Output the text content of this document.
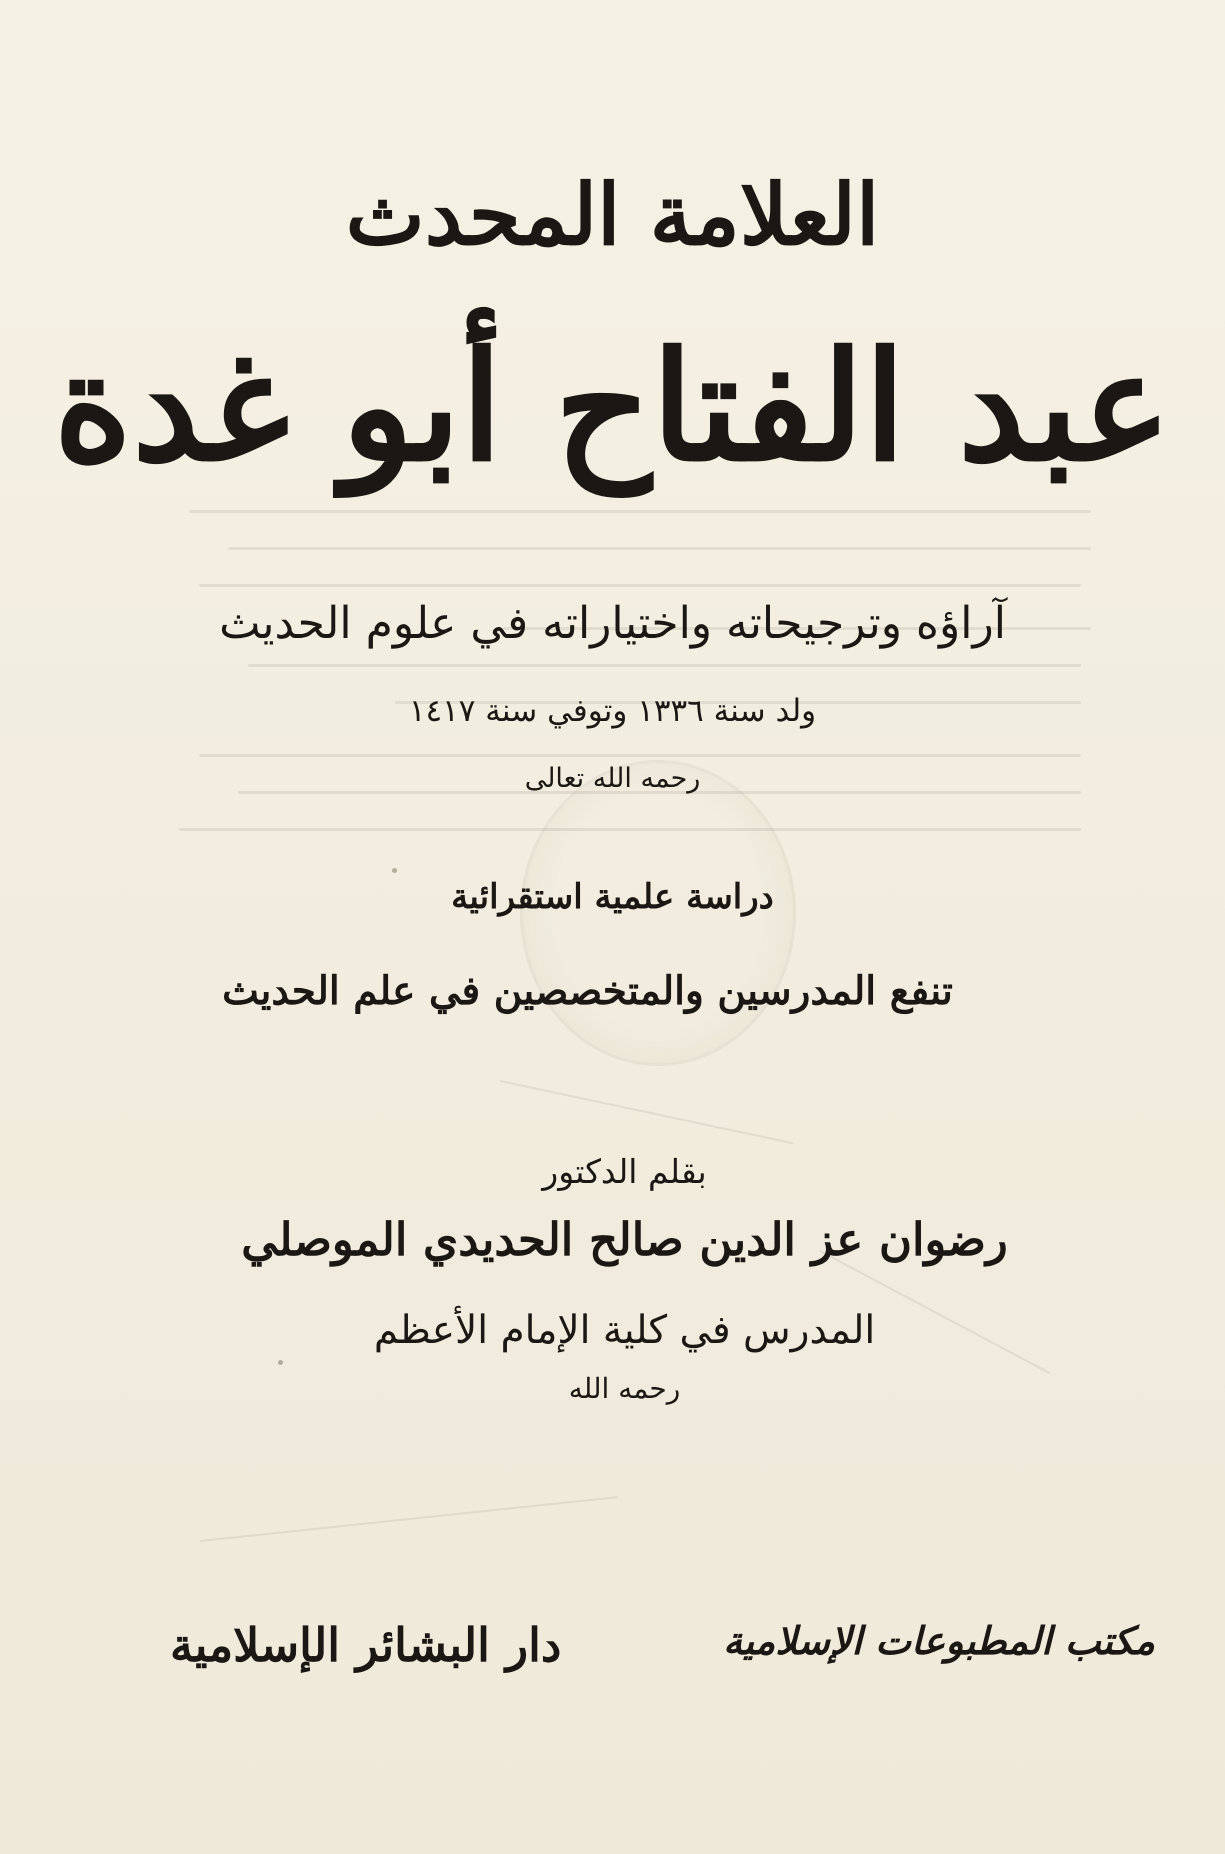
العلامة المحدث
عبد الفتاح أبو غدة
آراؤه وترجيحاته واختياراته في علوم الحديث
ولد سنة ١٣٣٦ وتوفي سنة ١٤١٧
رحمه الله تعالى
دراسة علمية استقرائية
تنفع المدرسين والمتخصصين في علم الحديث
بقلم الدكتور
رضوان عز الدين صالح الحديدي الموصلي
المدرس في كلية الإمام الأعظم
رحمه الله
دار البشائر الإسلامية	مكتب المطبوعات الإسلامية
